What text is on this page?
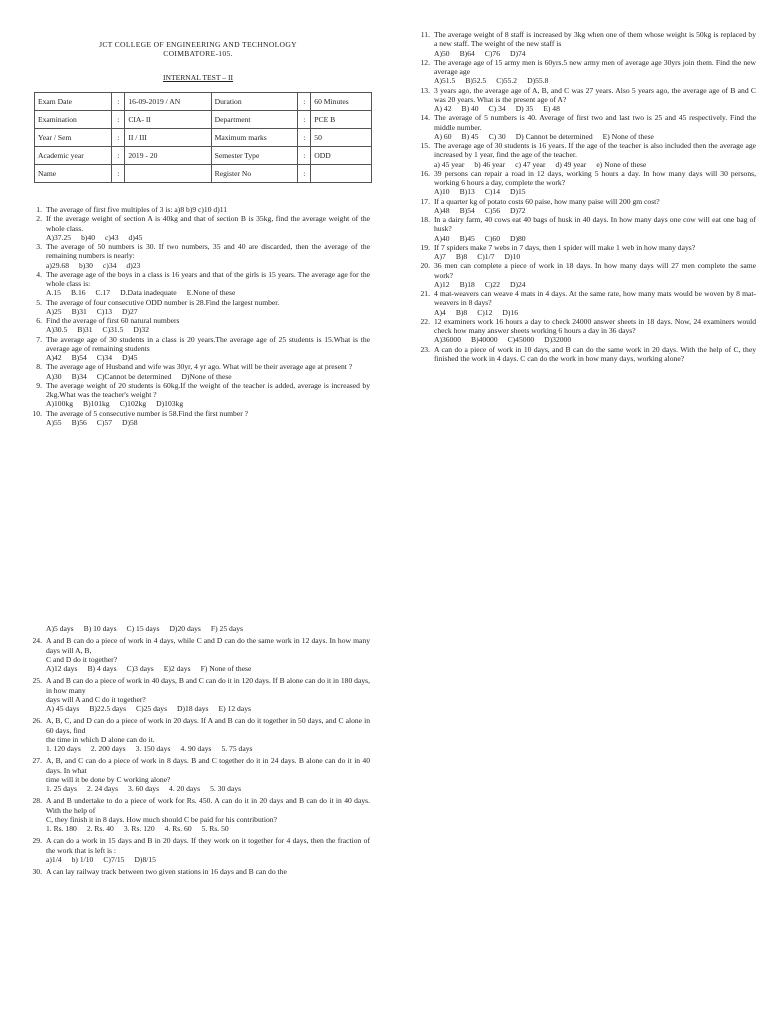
JCT COLLEGE OF ENGINEERING AND TECHNOLOGY
COIMBATORE-105.
INTERNAL TEST – II
Exam Date	:	16-09-2019 / AN	Duration	:	60 Minutes
Examination	:	CIA- II	Department	:	PCE B
Year / Sem	:	II / III	Maximum marks	:	50
Academic year	:	2019 - 20	Semester Type	:	ODD
Name	:		Register No	:	
1. The average of first five multiples of 3 is: a)8 b)9 c)10 d)11
2. If the average weight of section A is 40kg and that of section B is 35kg, find the average weight of the whole class.
A)37.25 b)40 c)43 d)45
3. The average of 50 numbers is 30. If two numbers, 35 and 40 are discarded, then the average of the remaining numbers is nearly:
a)29.68 b)30 c)34 d)23
4. The average age of the boys in a class is 16 years and that of the girls is 15 years. The average age for the whole class is:
A.15 B.16 C.17 D.Data inadequate E.None of these
5. The average of four consecutive ODD number is 28.Find the largest number.
A)25 B)31 C)13 D)27
6. Find the average of first 60 natural numbers
A)30.5 B)31 C)31.5 D)32
7. The average age of 30 students in a class is 20 years.The average age of 25 students is 15.What is the average age of remaining students
A)42 B)54 C)34 D)45
8. The average age of Husband and wife was 30yr, 4 yr ago. What will be their average age at present ?
A)30 B)34 C)Cannot be determined D)None of these
9. The average weight of 20 students is 60kg.If the weight of the teacher is added, average is increased by 2kg.What was the teacher's weight ?
A)100kg B)101kg C)102kg D)103kg
10. The average of 5 consecutive number is 58.Find the first number ?
A)55 B)56 C)57 D)58
11. The average weight of 8 staff is increased by 3kg when one of them whose weight is 50kg is replaced by a new staff. The weight of the new staff is
A)50 B)64 C)76 D)74
12. The average age of 15 army men is 60yrs.5 new army men of average age 30yrs join them. Find the new average age
A)51.5 B)52.5 C)55.2 D)55.8
13. 3 years ago, the average age of A, B, and C was 27 years. Also 5 years ago, the average age of B and C was 20 years. What is the present age of A?
A) 42 B) 40 C) 34 D) 35 E) 48
14. The average of 5 numbers is 40. Average of first two and last two is 25 and 45 respectively. Find the middle number.
A) 60 B) 45 C) 30 D) Cannot be determined E) None of these
15. The average age of 30 students is 16 years. If the age of the teacher is also included then the average age increased by 1 year, find the age of the teacher.
a) 45 year b) 46 year c) 47 year d) 49 year e) None of these
16. 39 persons can repair a road in 12 days, working 5 hours a day. In how many days will 30 persons, working 6 hours a day, complete the work?
A)10 B)13 C)14 D)15
17. If a quarter kg of potato costs 60 paise, how many paise will 200 gm cost?
A)48 B)54 C)56 D)72
18. In a dairy farm, 40 cows eat 40 bags of husk in 40 days. In how many days one cow will eat one bag of husk?
A)40 B)45 C)60 D)80
19. If 7 spiders make 7 webs in 7 days, then 1 spider will make 1 web in how many days?
A)7 B)8 C)1/7 D)10
20. 36 men can complete a piece of work in 18 days. In how many days will 27 men complete the same work?
A)12 B)18 C)22 D)24
21. 4 mat-weavers can weave 4 mats in 4 days. At the same rate, how many mats would be woven by 8 mat-weavers in 8 days?
A)4 B)8 C)12 D)16
22. 12 examiners work 16 hours a day to check 24000 answer sheets in 18 days. Now, 24 examiners would check how many answer sheets working 6 hours a day in 36 days?
A)36000 B)40000 C)45000 D)32000
23. A can do a piece of work in 10 days, and B can do the same work in 20 days. With the help of C, they finished the work in 4 days. C can do the work in how many days, working alone?
A)5 days B) 10 days C) 15 days D)20 days F) 25 days
24. A and B can do a piece of work in 4 days, while C and D can do the same work in 12 days. In how many days will A, B,
C and D do it together?
A)12 days B) 4 days C)3 days E)2 days F) None of these
25. A and B can do a piece of work in 40 days, B and C can do it in 120 days. If B alone can do it in 180 days, in how many
days will A and C do it together?
A) 45 days B)22.5 days C)25 days D)18 days E) 12 days
26. A, B, C, and D can do a piece of work in 20 days. If A and B can do it together in 50 days, and C alone in 60 days, find
the time in which D alone can do it.
1. 120 days 2. 200 days 3. 150 days 4. 90 days 5. 75 days
27. A, B, and C can do a piece of work in 8 days. B and C together do it in 24 days. B alone can do it in 40 days. In what
time will it be done by C working alone?
1. 25 days 2. 24 days 3. 60 days 4. 20 days 5. 30 days
28. A and B undertake to do a piece of work for Rs. 450. A can do it in 20 days and B can do it in 40 days. With the help of
C, they finish it in 8 days. How much should C be paid for his contribution?
1. Rs. 180 2. Rs. 40 3. Rs. 120 4. Rs. 60 5. Rs. 50
29. A can do a work in 15 days and B in 20 days. If they work on it together for 4 days, then the fraction of the work that is left is :
a)1/4 b) 1/10 C)7/15 D)8/15
30. A can lay railway track between two given stations in 16 days and B can do the
